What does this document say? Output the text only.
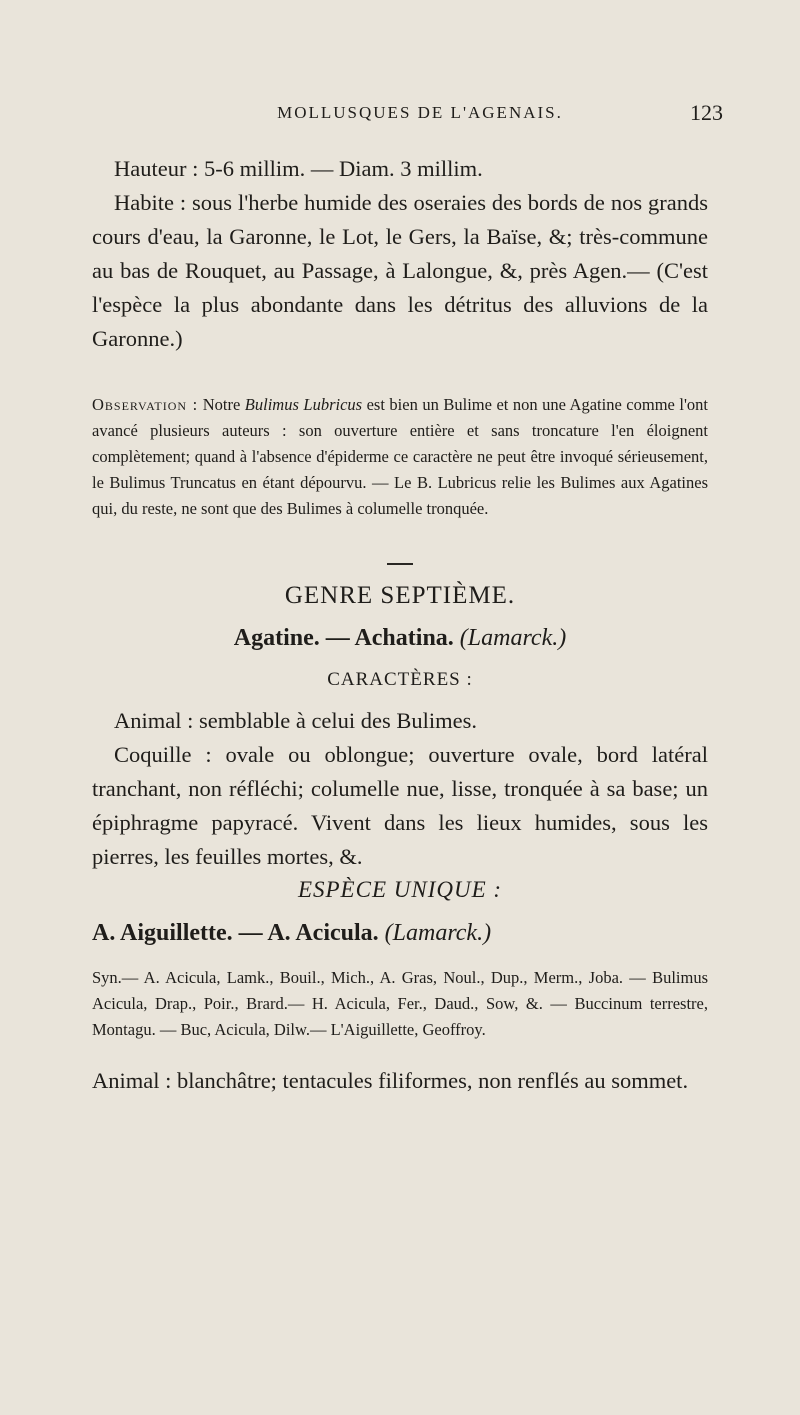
MOLLUSQUES DE L'AGENAIS.	123

Hauteur : 5-6 millim. — Diam. 3 millim.

Habite : sous l'herbe humide des oseraies des bords de nos grands cours d'eau, la Garonne, le Lot, le Gers, la Baïse, &; très-commune au bas de Rouquet, au Passage, à Lalongue, &, près Agen.— (C'est l'espèce la plus abondante dans les détritus des alluvions de la Garonne.)

Observation : Notre Bulimus Lubricus est bien un Bulime et non une Agatine comme l'ont avancé plusieurs auteurs : son ouverture entière et sans troncature l'en éloignent complètement; quand à l'absence d'épiderme ce caractère ne peut être invoqué sérieusement, le Bulimus Truncatus en étant dépourvu. — Le B. Lubricus relie les Bulimes aux Agatines qui, du reste, ne sont que des Bulimes à columelle tronquée.

GENRE SEPTIÈME.
Agatine. — Achatina. (Lamarck.)
CARACTÈRES :

Animal : semblable à celui des Bulimes.

Coquille : ovale ou oblongue; ouverture ovale, bord latéral tranchant, non réfléchi; columelle nue, lisse, tronquée à sa base; un épiphragme papyracé. Vivent dans les lieux humides, sous les pierres, les feuilles mortes, &.

ESPÈCE UNIQUE :
A. Aiguillette. — A. Acicula. (Lamarck.)

Syn.— A. Acicula, Lamk., Bouil., Mich., A. Gras, Noul., Dup., Merm., Joba. — Bulimus Acicula, Drap., Poir., Brard.— H. Acicula, Fer., Daud., Sow, &. — Buccinum terrestre, Montagu. — Buc, Acicula, Dilw.— L'Aiguillette, Geoffroy.

Animal : blanchâtre; tentacules filiformes, non renflés au sommet.
